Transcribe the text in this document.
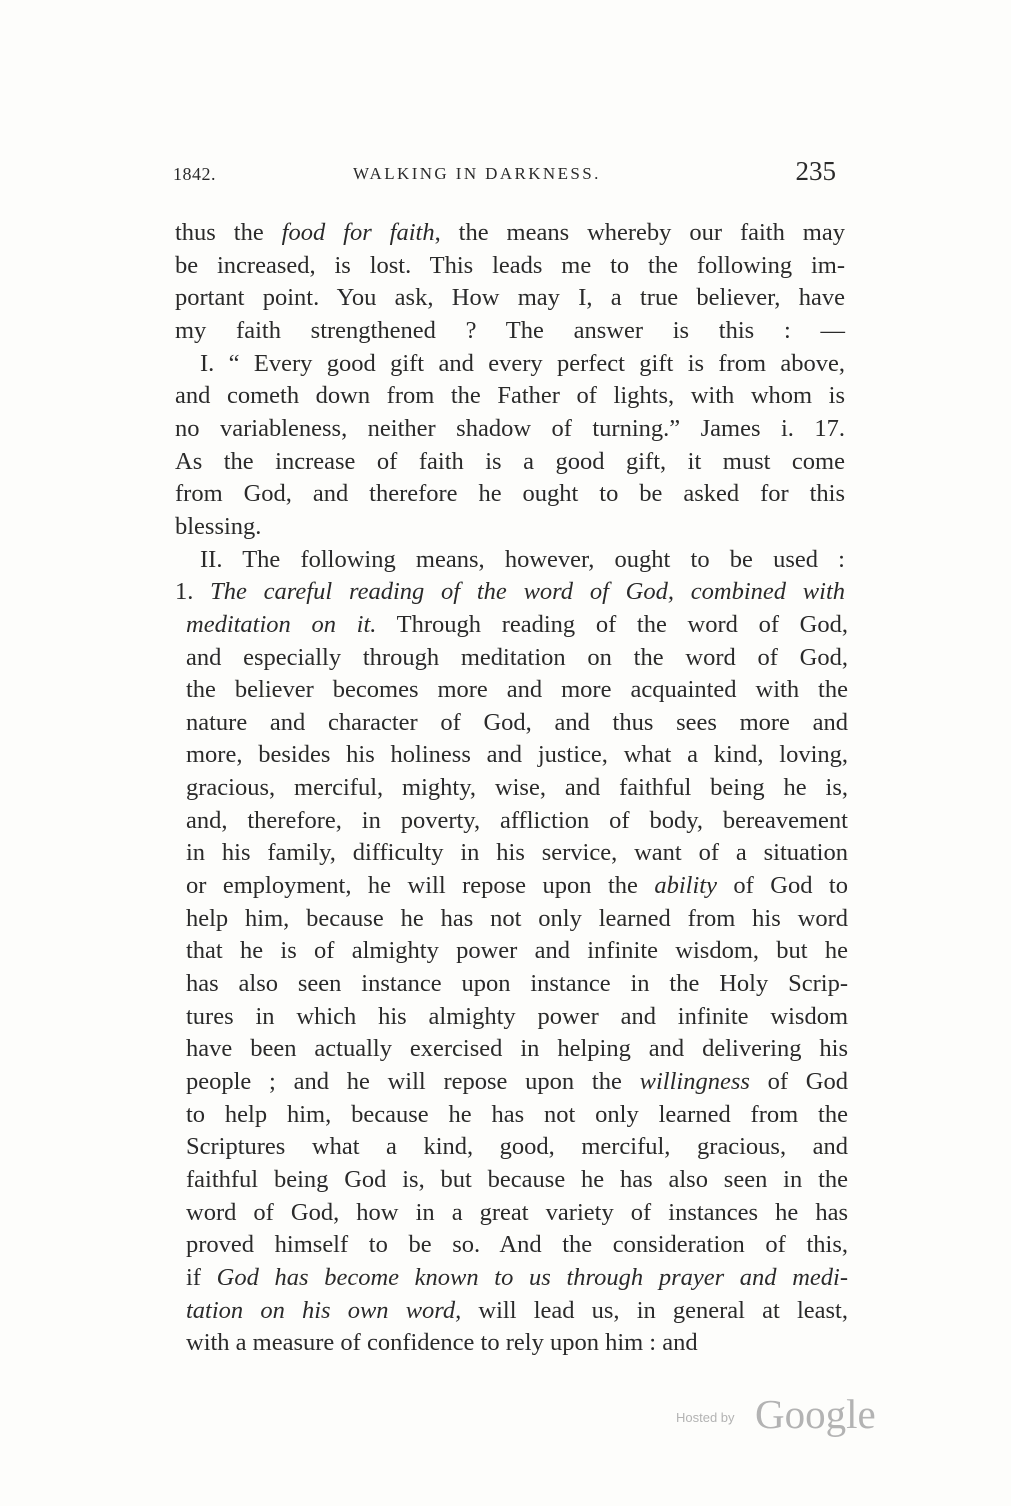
1842.	WALKING IN DARKNESS.	235
thus the food for faith, the means whereby our faith may
be increased, is lost. This leads me to the following im-
portant point. You ask, How may I, a true believer, have
my faith strengthened ? The answer is this : —
I. “ Every good gift and every perfect gift is from above,
and cometh down from the Father of lights, with whom is
no variableness, neither shadow of turning.” James i. 17.
As the increase of faith is a good gift, it must come
from God, and therefore he ought to be asked for this
blessing.
II. The following means, however, ought to be used :
1. The careful reading of the word of God, combined with
meditation on it. Through reading of the word of God,
and especially through meditation on the word of God,
the believer becomes more and more acquainted with the
nature and character of God, and thus sees more and
more, besides his holiness and justice, what a kind, loving,
gracious, merciful, mighty, wise, and faithful being he is,
and, therefore, in poverty, affliction of body, bereavement
in his family, difficulty in his service, want of a situation
or employment, he will repose upon the ability of God to
help him, because he has not only learned from his word
that he is of almighty power and infinite wisdom, but he
has also seen instance upon instance in the Holy Scrip-
tures in which his almighty power and infinite wisdom
have been actually exercised in helping and delivering his
people ; and he will repose upon the willingness of God
to help him, because he has not only learned from the
Scriptures what a kind, good, merciful, gracious, and
faithful being God is, but because he has also seen in the
word of God, how in a great variety of instances he has
proved himself to be so. And the consideration of this,
if God has become known to us through prayer and medi-
tation on his own word, will lead us, in general at least,
with a measure of confidence to rely upon him : and
Hosted by Google
